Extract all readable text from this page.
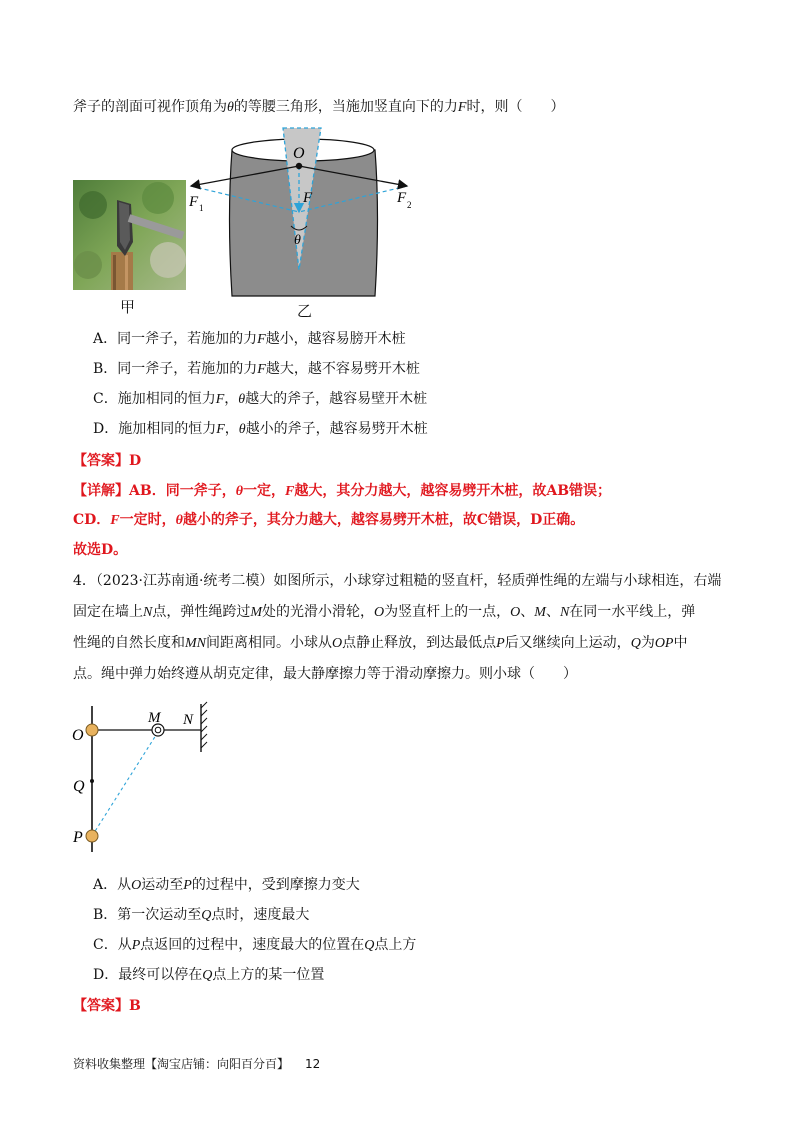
斧子的剖面可视作顶角为θ的等腰三角形，当施加竖直向下的力F时，则（　　）
甲
O
F
F 1
F 2
θ
乙
A．同一斧子，若施加的力F越小，越容易膀开木桩
B．同一斧子，若施加的力F越大，越不容易劈开木桩
C．施加相同的恒力F，θ越大的斧子，越容易壁开木桩
D．施加相同的恒力F，θ越小的斧子，越容易劈开木桩
【答案】D
【详解】AB．同一斧子，θ一定，F越大，其分力越大，越容易劈开木桩，故AB错误；
CD．F一定时，θ越小的斧子，其分力越大，越容易劈开木桩，故C错误，D正确。
故选D。
4．（2023·江苏南通·统考二模）如图所示，小球穿过粗糙的竖直杆，轻质弹性绳的左端与小球相连，右端
固定在墙上N点，弹性绳跨过M处的光滑小滑轮，O为竖直杆上的一点，O、M、N在同一水平线上，弹
性绳的自然长度和MN间距离相同。小球从O点静止释放，到达最低点P后又继续向上运动，Q为OP中
点。绳中弹力始终遵从胡克定律，最大静摩擦力等于滑动摩擦力。则小球（　　）
O
M N
Q
P
A．从O运动至P的过程中，受到摩擦力变大
B．第一次运动至Q点时，速度最大
C．从P点返回的过程中，速度最大的位置在Q点上方
D．最终可以停在Q点上方的某一位置
【答案】B
资料收集整理【淘宝店铺：向阳百分百】 12
